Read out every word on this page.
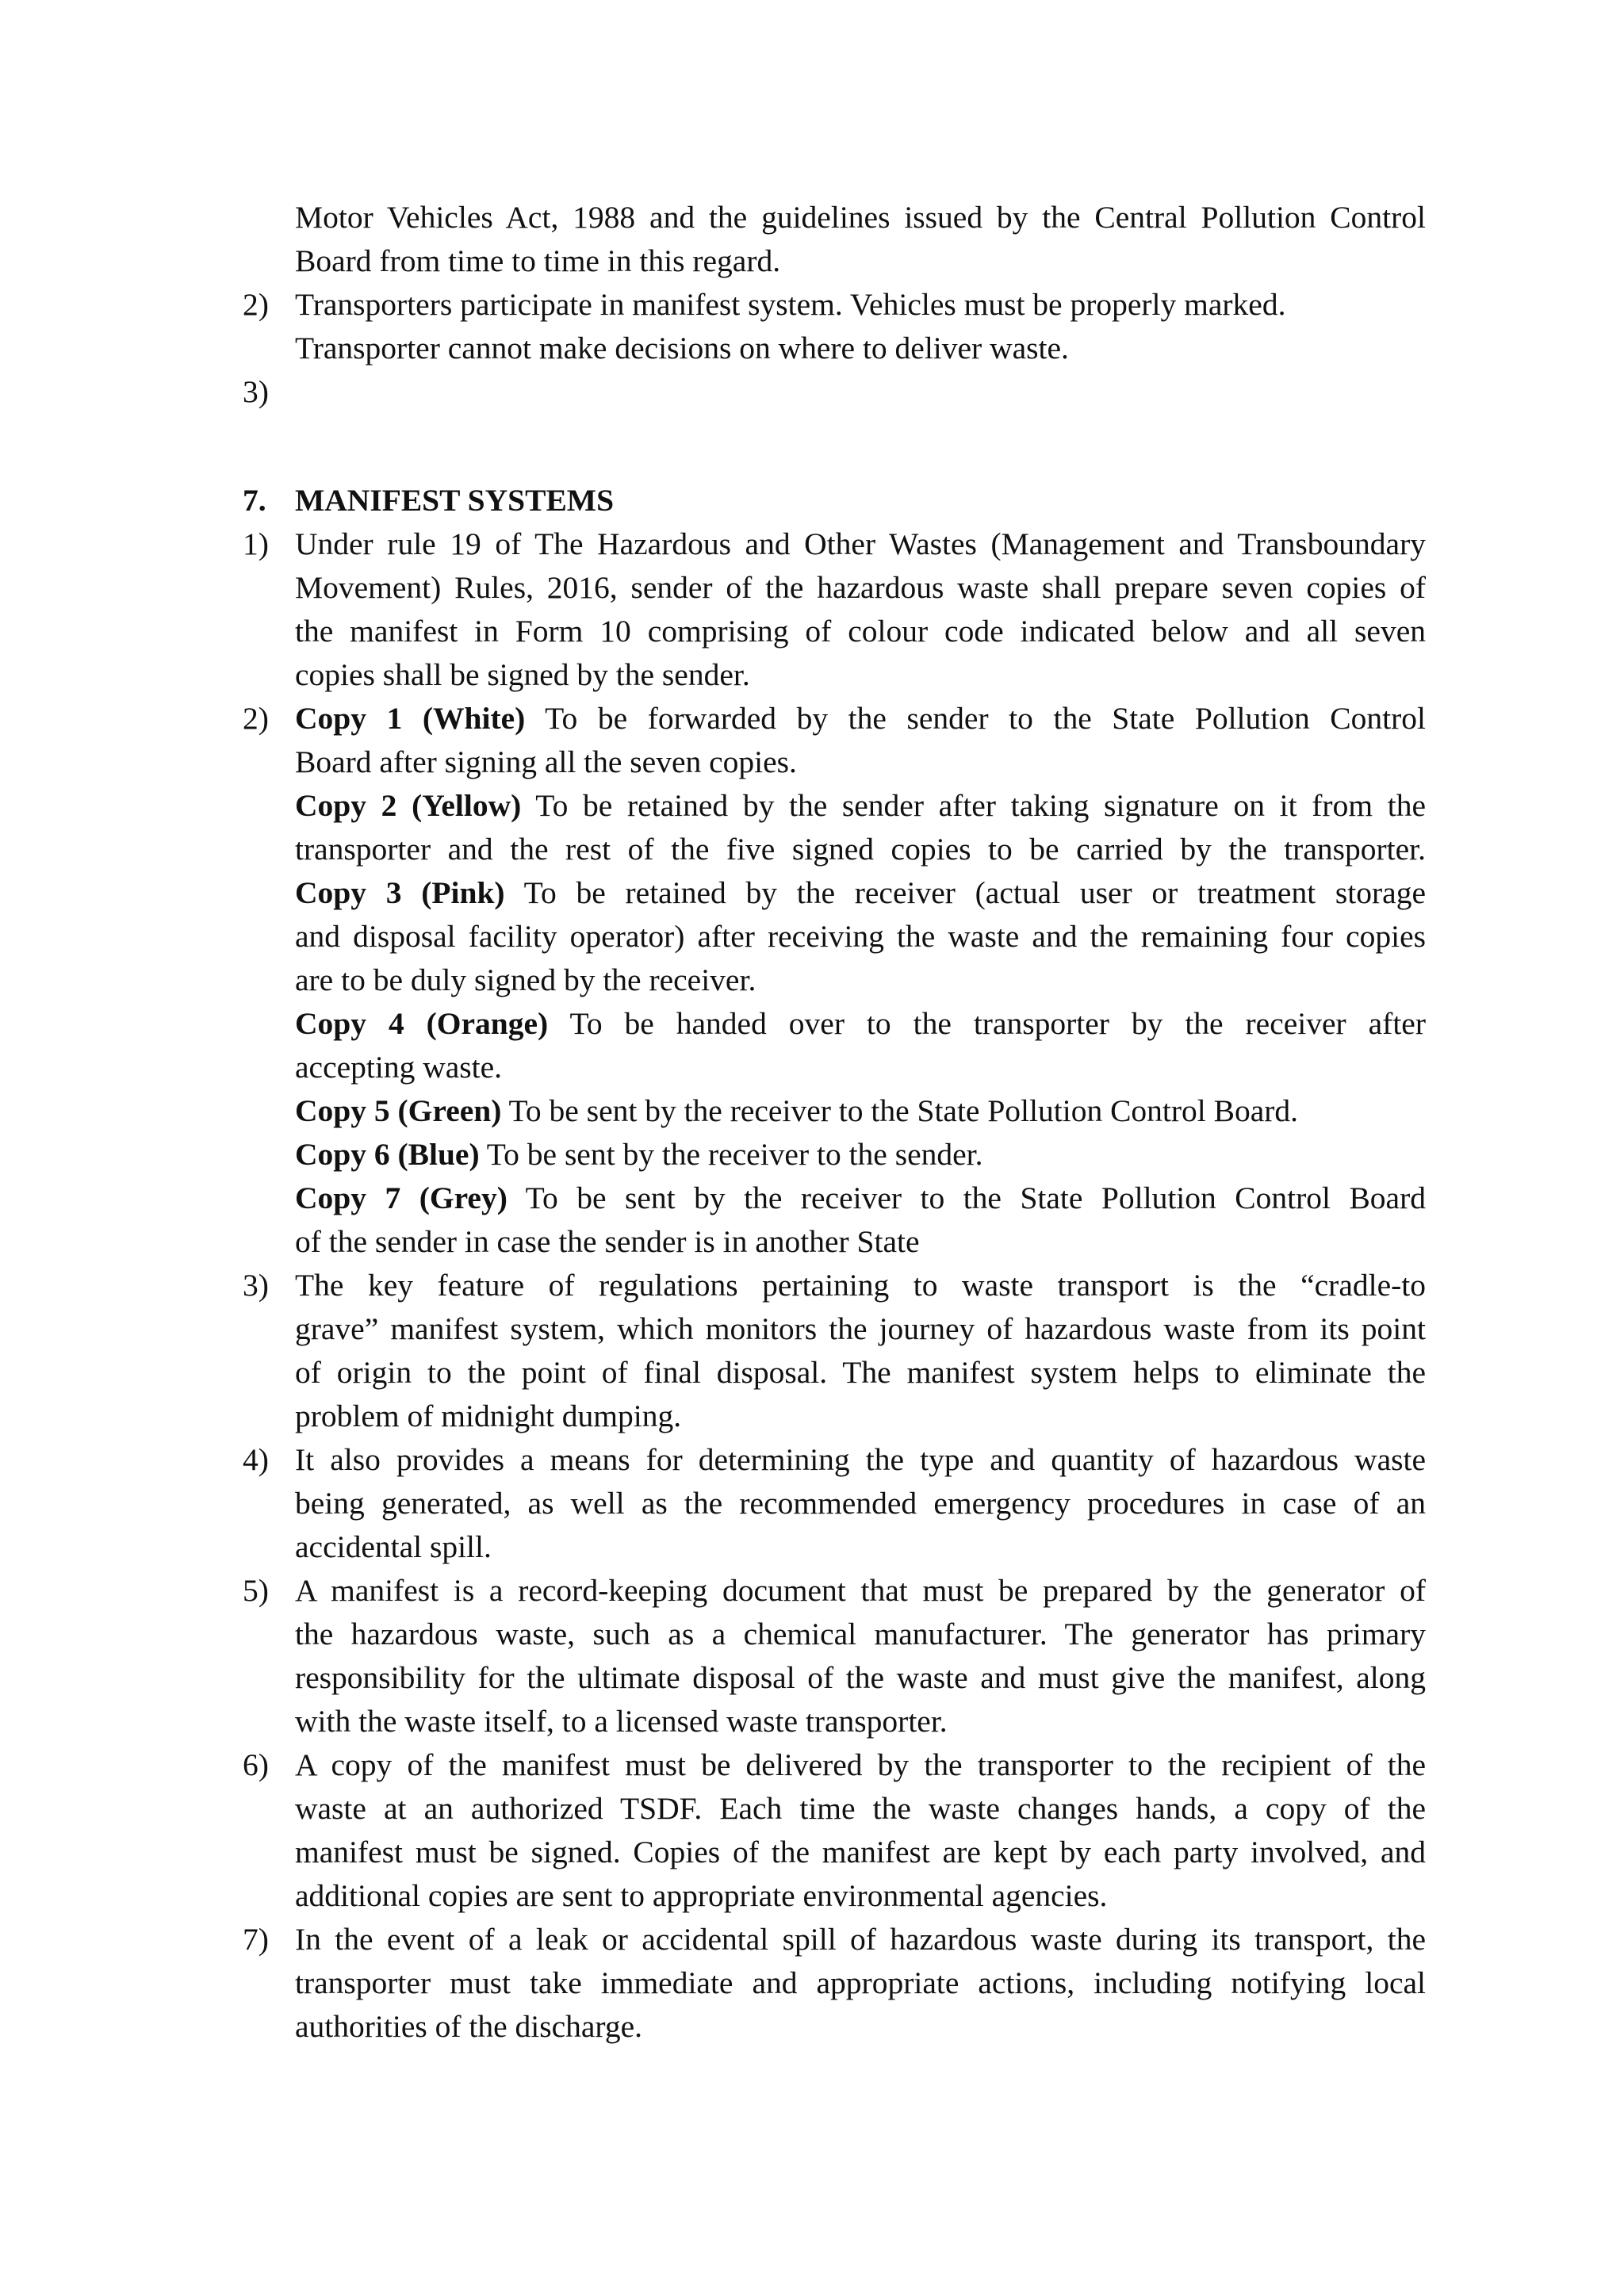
Motor Vehicles Act, 1988 and the guidelines issued by the Central Pollution Control
Board from time to time in this regard.
2) Transporters participate in manifest system. Vehicles must be properly marked.
Transporter cannot make decisions on where to deliver waste.
3)
7. MANIFEST SYSTEMS
1) Under rule 19 of The Hazardous and Other Wastes (Management and Transboundary
Movement) Rules, 2016, sender of the hazardous waste shall prepare seven copies of
the manifest in Form 10 comprising of colour code indicated below and all seven
copies shall be signed by the sender.
2) Copy 1 (White) To be forwarded by the sender to the State Pollution Control
Board after signing all the seven copies.
Copy 2 (Yellow) To be retained by the sender after taking signature on it from the
transporter and the rest of the five signed copies to be carried by the transporter.
Copy 3 (Pink) To be retained by the receiver (actual user or treatment storage
and disposal facility operator) after receiving the waste and the remaining four copies
are to be duly signed by the receiver.
Copy 4 (Orange) To be handed over to the transporter by the receiver after
accepting waste.
Copy 5 (Green) To be sent by the receiver to the State Pollution Control Board.
Copy 6 (Blue) To be sent by the receiver to the sender.
Copy 7 (Grey) To be sent by the receiver to the State Pollution Control Board
of the sender in case the sender is in another State
3) The key feature of regulations pertaining to waste transport is the “cradle-to
grave” manifest system, which monitors the journey of hazardous waste from its point
of origin to the point of final disposal. The manifest system helps to eliminate the
problem of midnight dumping.
4) It also provides a means for determining the type and quantity of hazardous waste
being generated, as well as the recommended emergency procedures in case of an
accidental spill.
5) A manifest is a record-keeping document that must be prepared by the generator of
the hazardous waste, such as a chemical manufacturer. The generator has primary
responsibility for the ultimate disposal of the waste and must give the manifest, along
with the waste itself, to a licensed waste transporter.
6) A copy of the manifest must be delivered by the transporter to the recipient of the
waste at an authorized TSDF. Each time the waste changes hands, a copy of the
manifest must be signed. Copies of the manifest are kept by each party involved, and
additional copies are sent to appropriate environmental agencies.
7) In the event of a leak or accidental spill of hazardous waste during its transport, the
transporter must take immediate and appropriate actions, including notifying local
authorities of the discharge.
